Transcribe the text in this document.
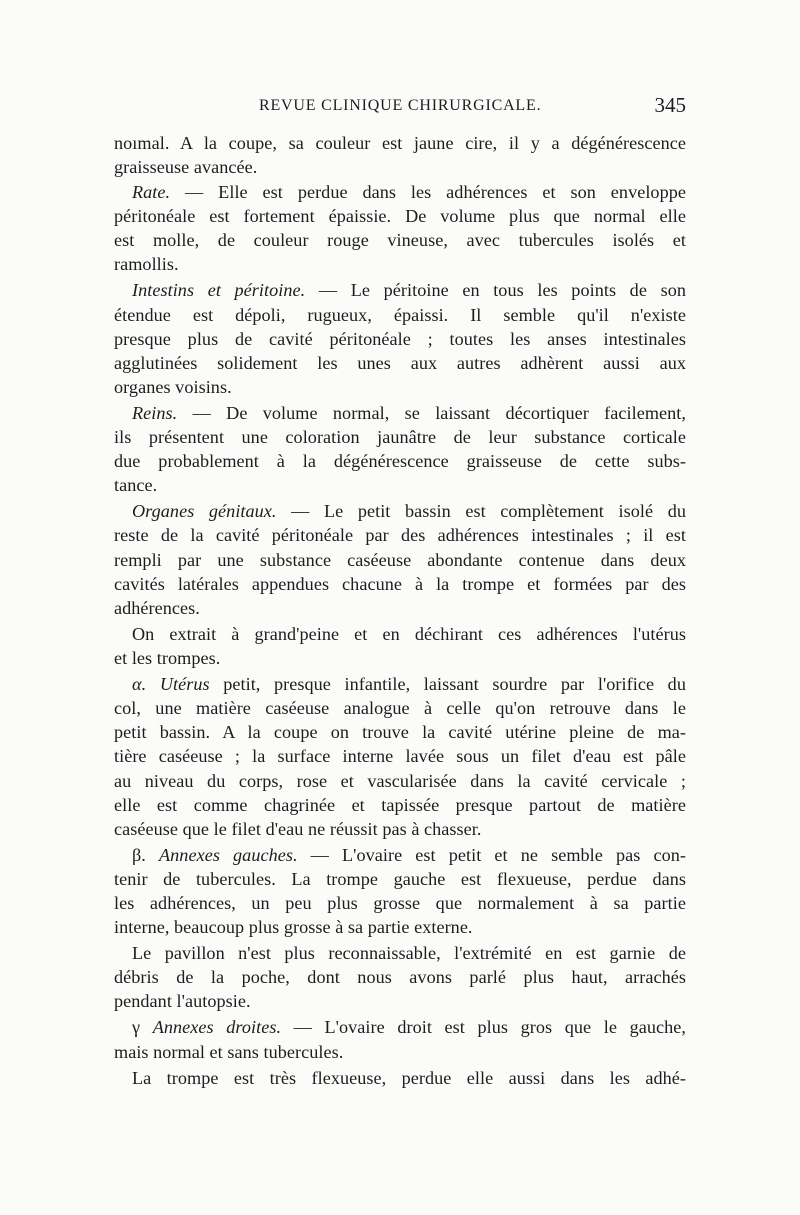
REVUE CLINIQUE CHIRURGICALE.	345
noımal. A la coupe, sa couleur est jaune cire, il y a dégénérescence
graisseuse avancée.
Rate. — Elle est perdue dans les adhérences et son enveloppe
péritonéale est fortement épaissie. De volume plus que normal elle
est molle, de couleur rouge vineuse, avec tubercules isolés et
ramollis.
Intestins et péritoine. — Le péritoine en tous les points de son
étendue est dépoli, rugueux, épaissi. Il semble qu'il n'existe
presque plus de cavité péritonéale ; toutes les anses intestinales
agglutinées solidement les unes aux autres adhèrent aussi aux
organes voisins.
Reins. — De volume normal, se laissant décortiquer facilement,
ils présentent une coloration jaunâtre de leur substance corticale
due probablement à la dégénérescence graisseuse de cette subs-
tance.
Organes génitaux. — Le petit bassin est complètement isolé du
reste de la cavité péritonéale par des adhérences intestinales ; il est
rempli par une substance caséeuse abondante contenue dans deux
cavités latérales appendues chacune à la trompe et formées par des
adhérences.
On extrait à grand'peine et en déchirant ces adhérences l'utérus
et les trompes.
α. Utérus petit, presque infantile, laissant sourdre par l'orifice du
col, une matière caséeuse analogue à celle qu'on retrouve dans le
petit bassin. A la coupe on trouve la cavité utérine pleine de ma-
tière caséeuse ; la surface interne lavée sous un filet d'eau est pâle
au niveau du corps, rose et vascularisée dans la cavité cervicale ;
elle est comme chagrinée et tapissée presque partout de matière
caséeuse que le filet d'eau ne réussit pas à chasser.
β. Annexes gauches. — L'ovaire est petit et ne semble pas con-
tenir de tubercules. La trompe gauche est flexueuse, perdue dans
les adhérences, un peu plus grosse que normalement à sa partie
interne, beaucoup plus grosse à sa partie externe.
Le pavillon n'est plus reconnaissable, l'extrémité en est garnie de
débris de la poche, dont nous avons parlé plus haut, arrachés
pendant l'autopsie.
γ Annexes droites. — L'ovaire droit est plus gros que le gauche,
mais normal et sans tubercules.
La trompe est très flexueuse, perdue elle aussi dans les adhé-
